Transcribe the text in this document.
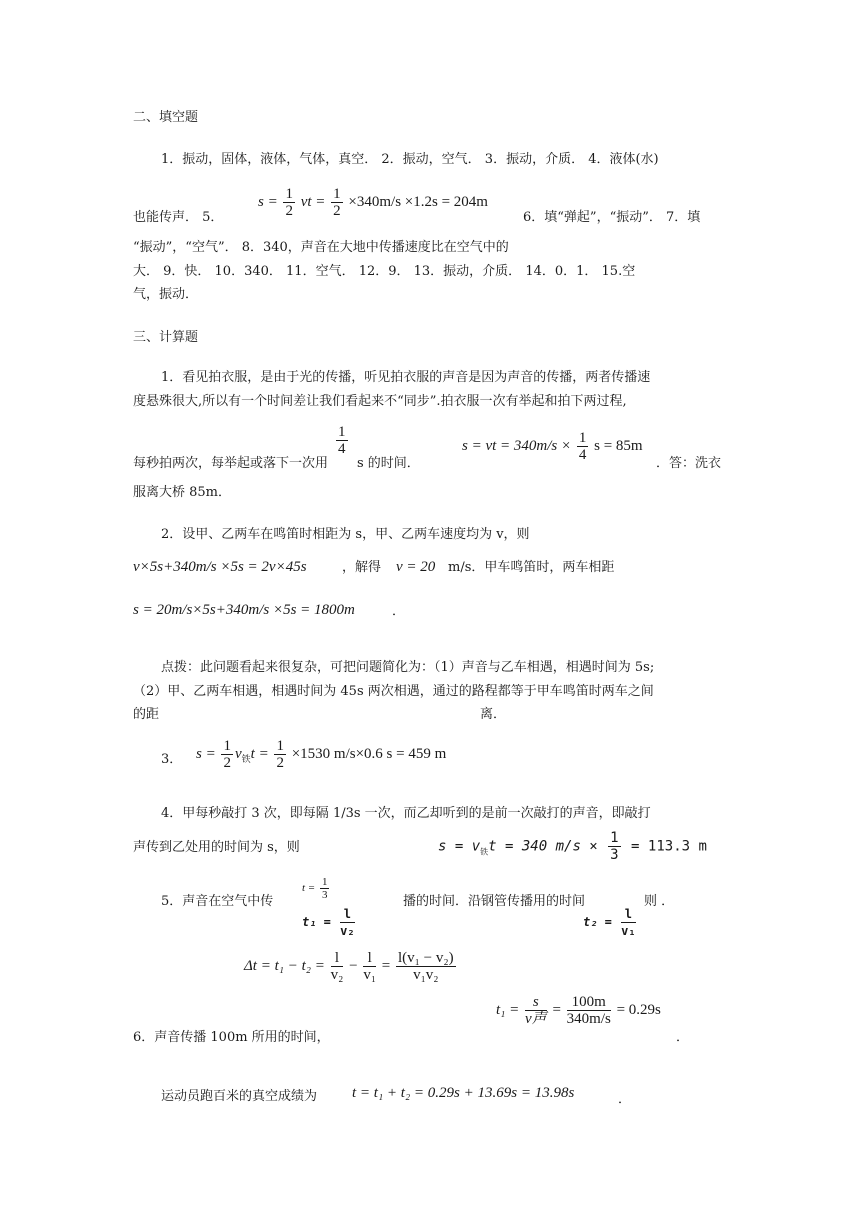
二、填空题
1．振动，固体，液体，气体，真空． 2．振动，空气． 3．振动，介质． 4．液体(水)
$s = \frac{1}{2}$ vt = $\frac{1}{2} \times 340m/s \times 1.2s = 204m$
也能传声． 5．	6．填“弹起”，“振动”． 7．填
“振动”，“空气”． 8．340，声音在大地中传播速度比在空气中的
大． 9．快． 10．340． 11．空气． 12．9． 13．振动，介质． 14．0．1． 15.空
气，振动．
三、计算题
1．看见拍衣服，是由于光的传播，听见拍衣服的声音是因为声音的传播，两者传播速
度悬殊很大,所以有一个时间差让我们看起来不“同步”.拍衣服一次有举起和拍下两过程,
每秒拍两次，每举起或落下一次用
$\frac{1}{4}$
s 的时间．
s = vt = $340m/s \times \frac{1}{4}$ s = 85m
．答：洗衣
服离大桥 85m．
2．设甲、乙两车在鸣笛时相距为 s，甲、乙两车速度均为 v，则
v×5s+340m/s ×5s = 2v×45s	，解得 v = 20 m/s．甲车鸣笛时，两车相距
s = 20m/s×5s+340m/s ×5s = 1800m	．
点拨：此问题看起来很复杂，可把问题简化为：（1）声音与乙车相遇，相遇时间为 5s;
（2）甲、乙两车相遇，相遇时间为 45s 两次相遇，通过的路程都等于甲车鸣笛时两车之间
的距	离．
3． $s = \frac{1}{2} v_铁t = \frac{1}{2} \times 1530$ m/s×0.6 s = 459 m
4．甲每秒敲打 3 次，即每隔 1/3s 一次，而乙却听到的是前一次敲打的声音，即敲打
声传到乙处用的时间为 s，则	$s = v_铁t = 340$ $m/s \times \frac{1}{3} = 113.3$ m
5．声音在空气中传
$t = \frac{1}{3}$
播的时间．沿钢管传播用的时间	则 ．
$t_1 = \frac{l}{\text{v₂}}$	$t_2 = \frac{l}{\text{v₁}}$
$\Delta t = t_1 - t_2 = \frac{l}{\text{v₂}} - \frac{l}{\text{v₁}} = \frac{\text{l(v₁ − v₂)}}{\text{v₁v₂}}$
6．声音传播 100m 所用的时间，
$t_1 = \frac{s}{\text{v声}} = \frac{100m}{340m/s} = 0.29s$
．
运动员跑百米的真空成绩为 t = t₁ + t₂ = 0.29s + 13.69s = 13.98s	．
